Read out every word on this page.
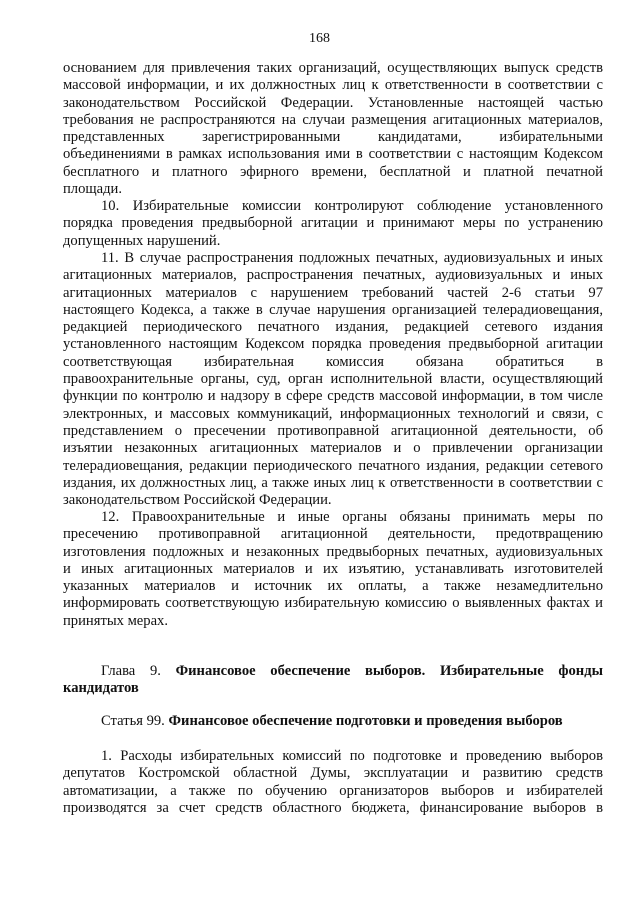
168
основанием для привлечения таких организаций, осуществляющих выпуск средств
массовой информации, и их должностных лиц к ответственности в соответствии с
законодательством Российской Федерации. Установленные настоящей частью
требования не распространяются на случаи размещения агитационных материалов,
представленных зарегистрированными кандидатами, избирательными
объединениями в рамках использования ими в соответствии с настоящим Кодексом
бесплатного и платного эфирного времени, бесплатной и платной печатной
площади.
10. Избирательные комиссии контролируют соблюдение установленного
порядка проведения предвыборной агитации и принимают меры по устранению
допущенных нарушений.
11. В случае распространения подложных печатных, аудиовизуальных и иных
агитационных материалов, распространения печатных, аудиовизуальных и иных
агитационных материалов с нарушением требований частей 2-6 статьи 97
настоящего Кодекса, а также в случае нарушения организацией телерадиовещания,
редакцией периодического печатного издания, редакцией сетевого издания
установленного настоящим Кодексом порядка проведения предвыборной агитации
соответствующая избирательная комиссия обязана обратиться в
правоохранительные органы, суд, орган исполнительной власти, осуществляющий
функции по контролю и надзору в сфере средств массовой информации, в том числе
электронных, и массовых коммуникаций, информационных технологий и связи, с
представлением о пресечении противоправной агитационной деятельности, об
изъятии незаконных агитационных материалов и о привлечении организации
телерадиовещания, редакции периодического печатного издания, редакции сетевого
издания, их должностных лиц, а также иных лиц к ответственности в соответствии с
законодательством Российской Федерации.
12. Правоохранительные и иные органы обязаны принимать меры по
пресечению противоправной агитационной деятельности, предотвращению
изготовления подложных и незаконных предвыборных печатных, аудиовизуальных
и иных агитационных материалов и их изъятию, устанавливать изготовителей
указанных материалов и источник их оплаты, а также незамедлительно
информировать соответствующую избирательную комиссию о выявленных фактах и
принятых мерах.
Глава 9. Финансовое обеспечение выборов. Избирательные фонды
кандидатов
Статья 99. Финансовое обеспечение подготовки и проведения выборов
1. Расходы избирательных комиссий по подготовке и проведению выборов
депутатов Костромской областной Думы, эксплуатации и развитию средств
автоматизации, а также по обучению организаторов выборов и избирателей
производятся за счет средств областного бюджета, финансирование выборов в
